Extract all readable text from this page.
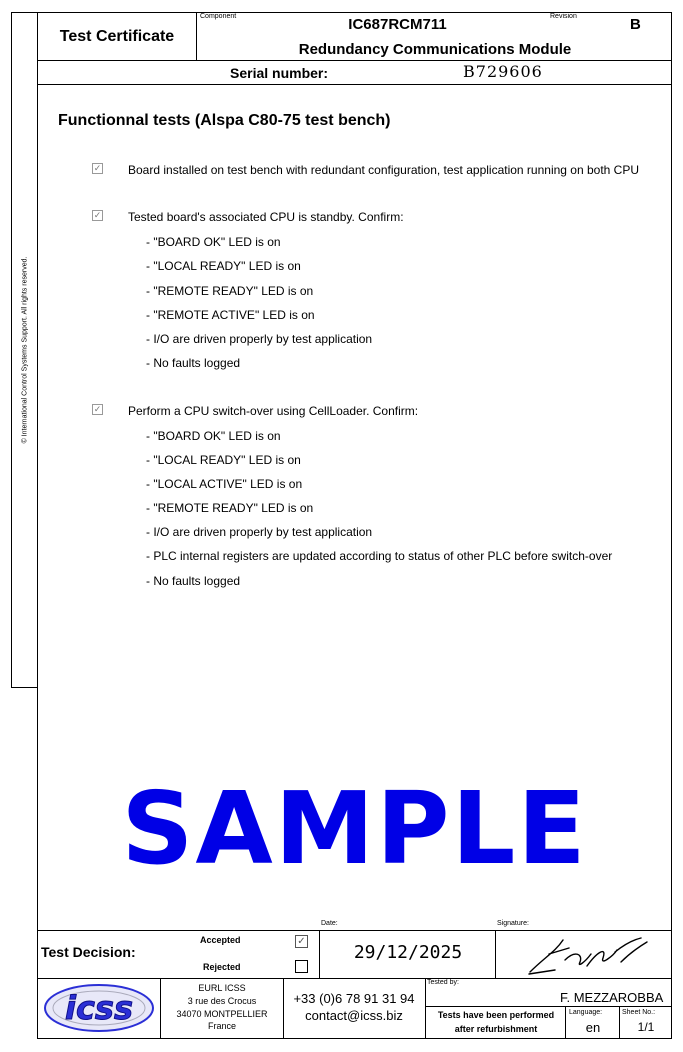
© International Control Systems Support. All rights reserved.
Test Certificate
Component	Revision
IC687RCM711	B
Redundancy Communications Module
Serial number:	B729606
Functionnal tests (Alspa C80-75 test bench)
✓ Board installed on test bench with redundant configuration, test application running on both CPU
✓ Tested board's associated CPU is standby. Confirm:
- "BOARD OK" LED is on
- "LOCAL READY" LED is on
- "REMOTE READY" LED is on
- "REMOTE ACTIVE" LED is on
- I/O are driven properly by test application
- No faults logged
✓ Perform a CPU switch-over using CellLoader. Confirm:
- "BOARD OK" LED is on
- "LOCAL READY" LED is on
- "LOCAL ACTIVE" LED is on
- "REMOTE READY" LED is on
- I/O are driven properly by test application
- PLC internal registers are updated according to status of other PLC before switch-over
- No faults logged
SAMPLE
Test Decision:
Accepted	✓
Rejected
Date:	Signature:
29/12/2025
icss
EURL ICSS
3 rue des Crocus
34070 MONTPELLIER
France
+33 (0)6 78 91 31 94
contact@icss.biz
Tested by:
F. MEZZAROBBA
Tests have been performed
after refurbishment
Language:
en
Sheet No.:
1/1
